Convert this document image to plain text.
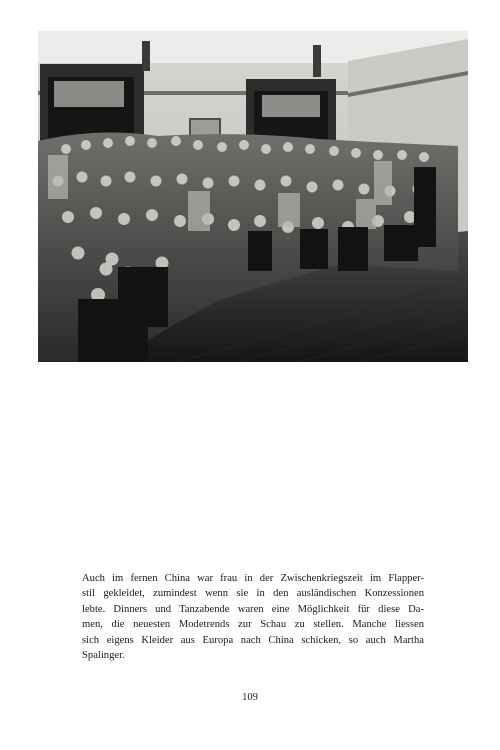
Auch im fernen China war frau in der Zwischenkriegszeit im Flapper-
stil gekleidet, zumindest wenn sie in den ausländischen Konzessionen
lebte. Dinners und Tanzabende waren eine Möglichkeit für diese Da-
men, die neuesten Modetrends zur Schau zu stellen. Manche liessen
sich eigens Kleider aus Europa nach China schicken, so auch Martha
Spalinger.
109
